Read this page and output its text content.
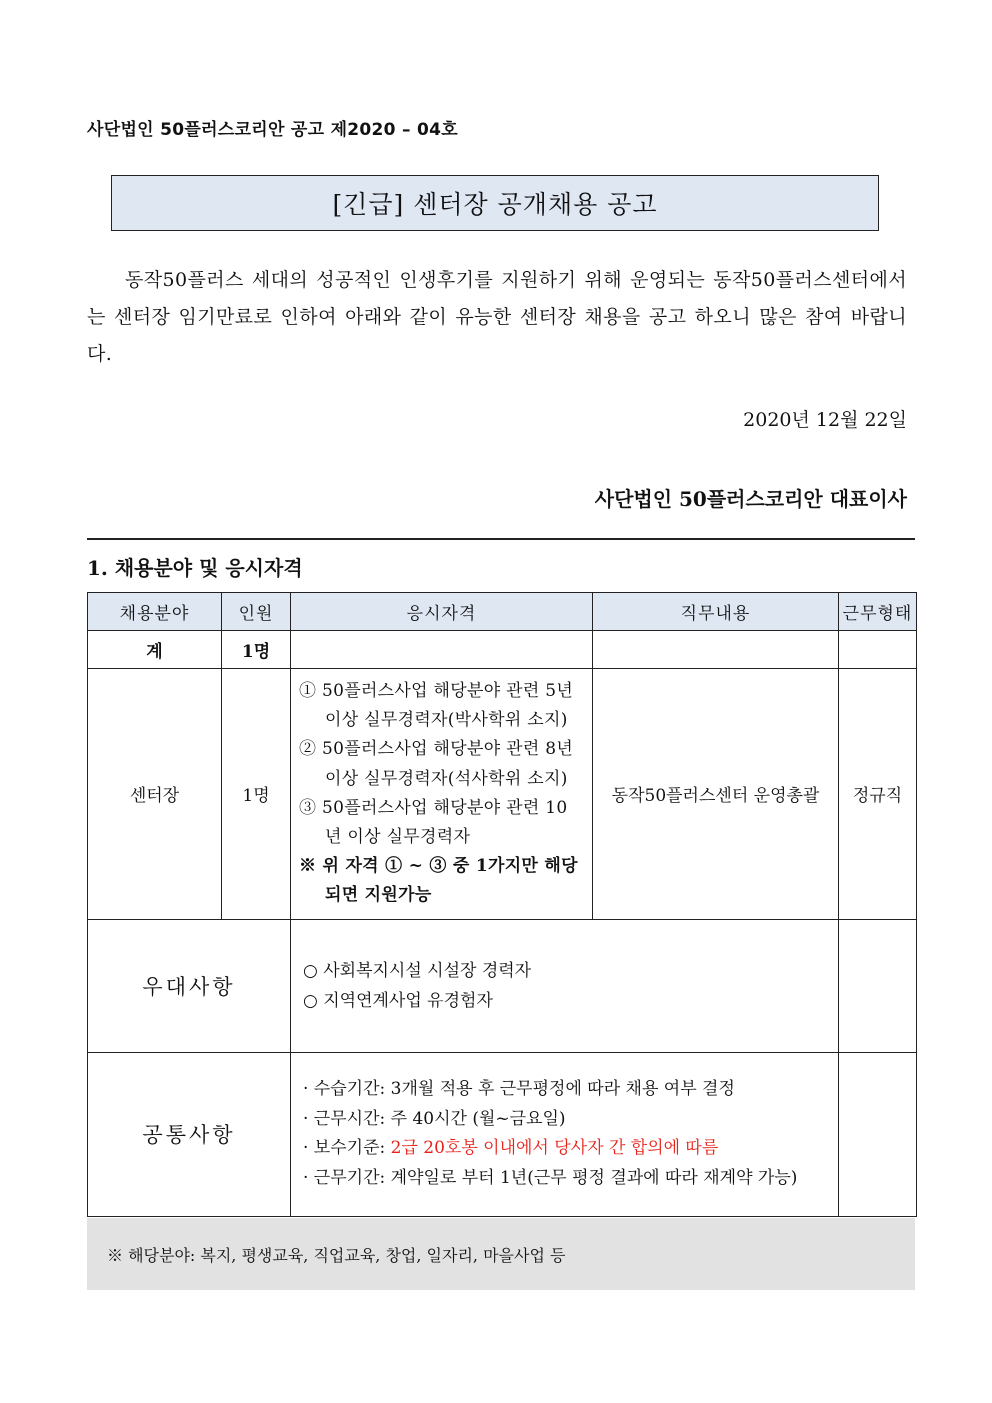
사단법인 50플러스코리안 공고 제2020 – 04호
[긴급] 센터장 공개채용 공고
동작50플러스 세대의 성공적인 인생후기를 지원하기 위해 운영되는 동작50플러스센터에서는 센터장 임기만료로 인하여 아래와 같이 유능한 센터장 채용을 공고 하오니 많은 참여 바랍니다.
2020년 12월 22일
사단법인 50플러스코리안 대표이사
1. 채용분야 및 응시자격
채용분야	인원	응시자격	직무내용	근무형태
계	1명			
센터장	1명	① 50플러스사업 해당분야 관련 5년 이상 실무경력자(박사학위 소지)
② 50플러스사업 해당분야 관련 8년 이상 실무경력자(석사학위 소지)
③ 50플러스사업 해당분야 관련 10년 이상 실무경력자
※ 위 자격 ① ~ ③ 중 1가지만 해당되면 지원가능	동작50플러스센터 운영총괄	정규직
우대사항		○ 사회복지시설 시설장 경력자
○ 지역연계사업 유경험자		

공통사항		· 수습기간: 3개월 적용 후 근무평정에 따라 채용 여부 결정
· 근무시간: 주 40시간 (월~금요일)
· 보수기준: 2급 20호봉 이내에서 당사자 간 합의에 따름
· 근무기간: 계약일로 부터 1년(근무 평정 결과에 따라 재계약 가능)		

※ 해당분야: 복지, 평생교육, 직업교육, 창업, 일자리, 마을사업 등
